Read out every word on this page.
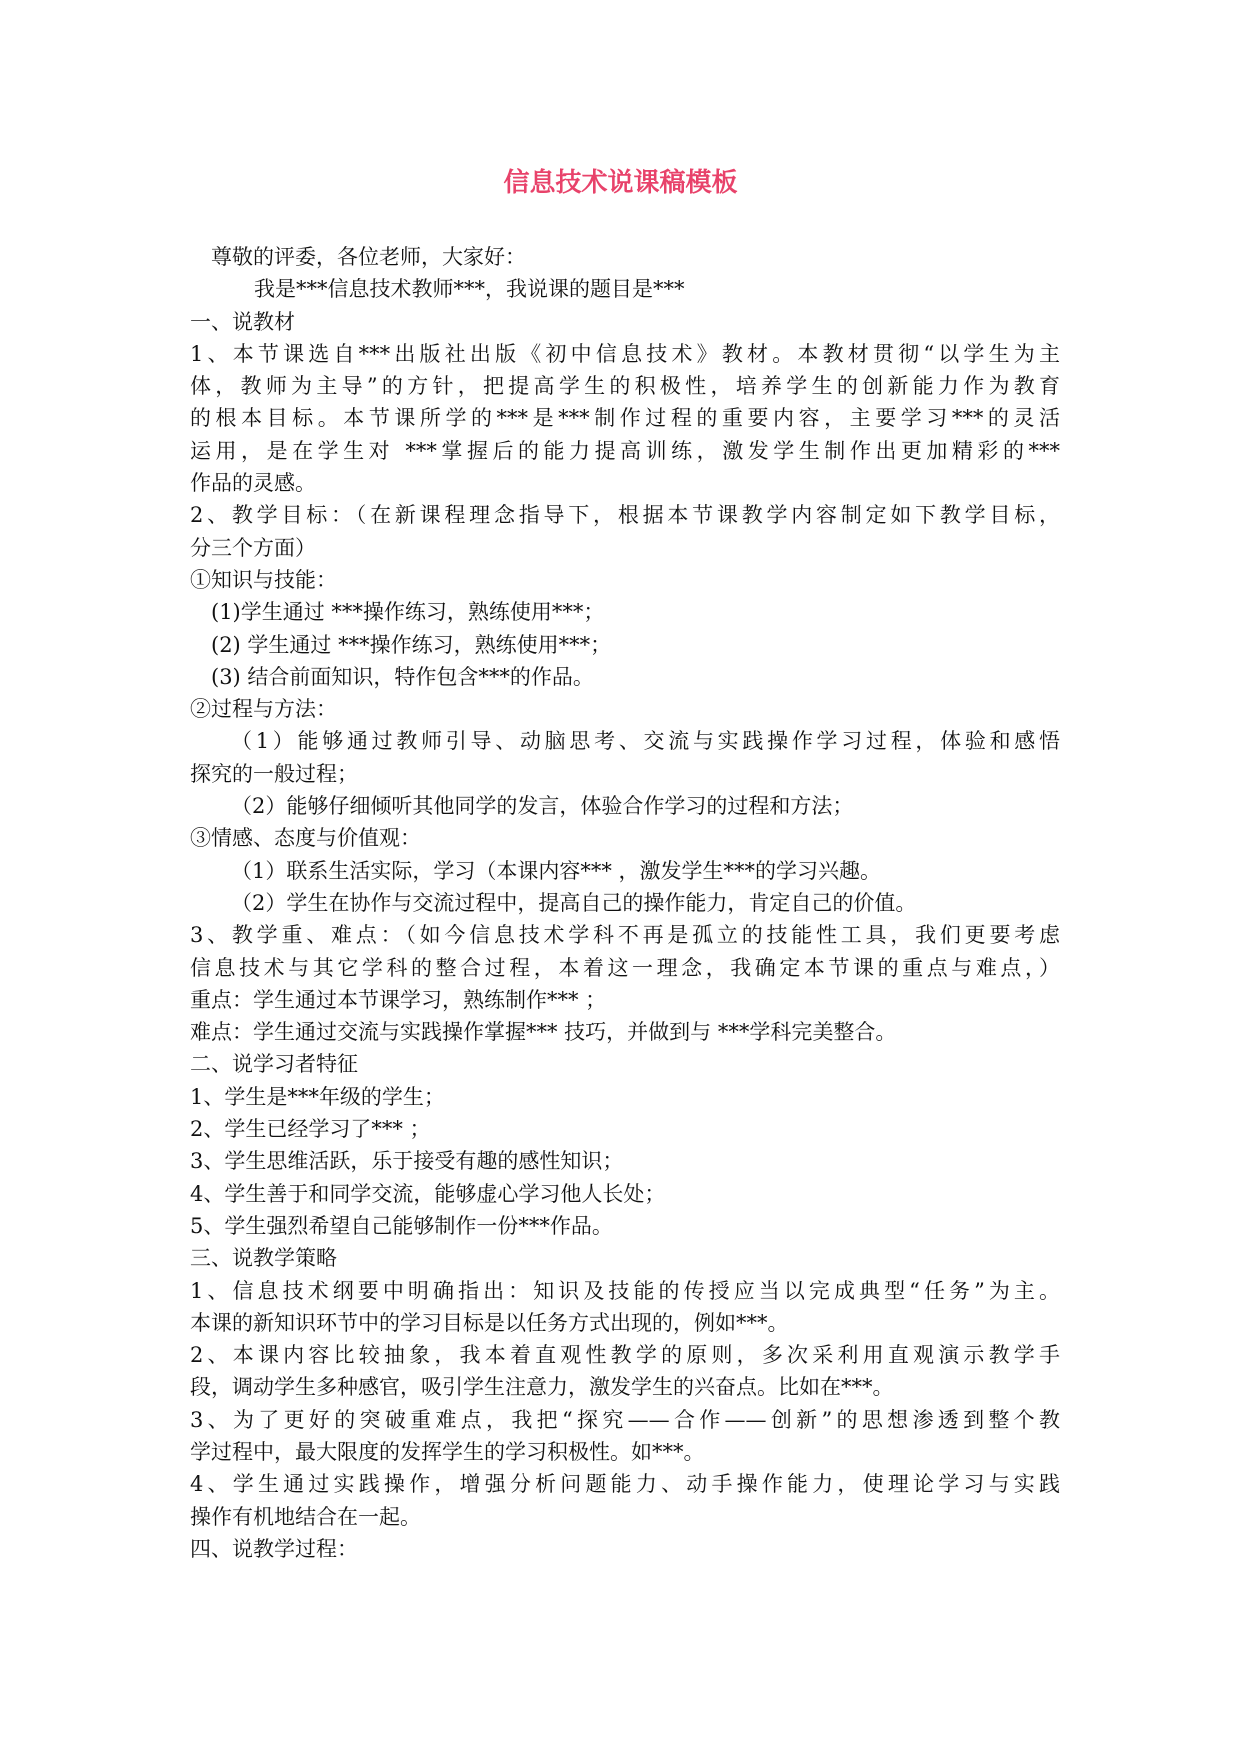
信息技术说课稿模板
尊敬的评委，各位老师，大家好：
我是***信息技术教师***，我说课的题目是***
一、说教材
1、本节课选自***出版社出版《初中信息技术》教材。本教材贯彻“以学生为主
体，教师为主导”的方针，把提高学生的积极性，培养学生的创新能力作为教育
的根本目标。本节课所学的***是***制作过程的重要内容，主要学习***的灵活
运用，是在学生对 ***掌握后的能力提高训练，激发学生制作出更加精彩的***
作品的灵感。
2、教学目标：（在新课程理念指导下，根据本节课教学内容制定如下教学目标，
分三个方面）
①知识与技能：
(1)学生通过 ***操作练习，熟练使用***；
(2) 学生通过 ***操作练习，熟练使用***；
(3) 结合前面知识，特作包含***的作品。
②过程与方法：
（1）能够通过教师引导、动脑思考、交流与实践操作学习过程，体验和感悟
探究的一般过程；
（2）能够仔细倾听其他同学的发言，体验合作学习的过程和方法；
③情感、态度与价值观：
（1）联系生活实际，学习（本课内容*** ，激发学生***的学习兴趣。
（2）学生在协作与交流过程中，提高自己的操作能力，肯定自己的价值。
3、教学重、难点：（如今信息技术学科不再是孤立的技能性工具，我们更要考虑
信息技术与其它学科的整合过程，本着这一理念，我确定本节课的重点与难点，）
重点：学生通过本节课学习，熟练制作*** ；
难点：学生通过交流与实践操作掌握*** 技巧，并做到与 ***学科完美整合。
二、说学习者特征
1、学生是***年级的学生；
2、学生已经学习了*** ；
3、学生思维活跃，乐于接受有趣的感性知识；
4、学生善于和同学交流，能够虚心学习他人长处；
5、学生强烈希望自己能够制作一份***作品。
三、说教学策略
1、信息技术纲要中明确指出：知识及技能的传授应当以完成典型“任务”为主。
本课的新知识环节中的学习目标是以任务方式出现的，例如***。
2、本课内容比较抽象，我本着直观性教学的原则，多次采利用直观演示教学手
段，调动学生多种感官，吸引学生注意力，激发学生的兴奋点。比如在***。
3、为了更好的突破重难点，我把“探究——合作——创新”的思想渗透到整个教
学过程中，最大限度的发挥学生的学习积极性。如***。
4、学生通过实践操作，增强分析问题能力、动手操作能力，使理论学习与实践
操作有机地结合在一起。
四、说教学过程：
